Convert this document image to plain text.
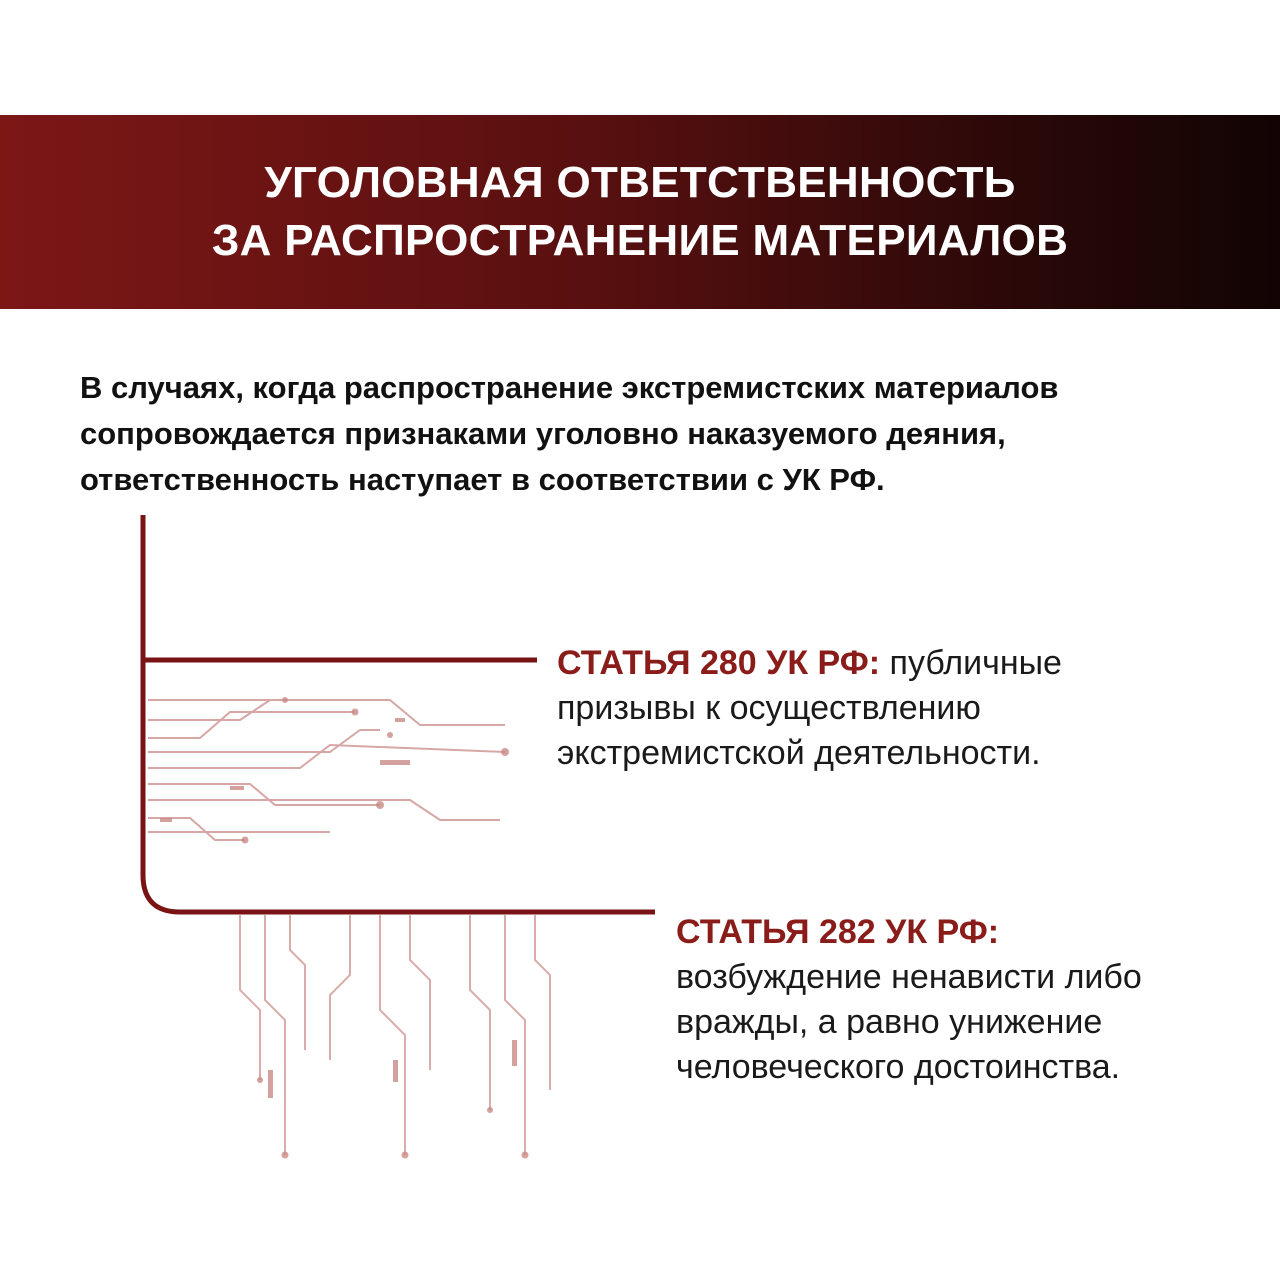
УГОЛОВНАЯ ОТВЕТСТВЕННОСТЬ
ЗА РАСПРОСТРАНЕНИЕ МАТЕРИАЛОВ
В случаях, когда распространение экстремистских материалов
сопровождается признаками уголовно наказуемого деяния,
ответственность наступает в соответствии с УК РФ.
СТАТЬЯ 280 УК РФ: публичные
призывы к осуществлению
экстремистской деятельности.
СТАТЬЯ 282 УК РФ:
возбуждение ненависти либо
вражды, а равно унижение
человеческого достоинства.
